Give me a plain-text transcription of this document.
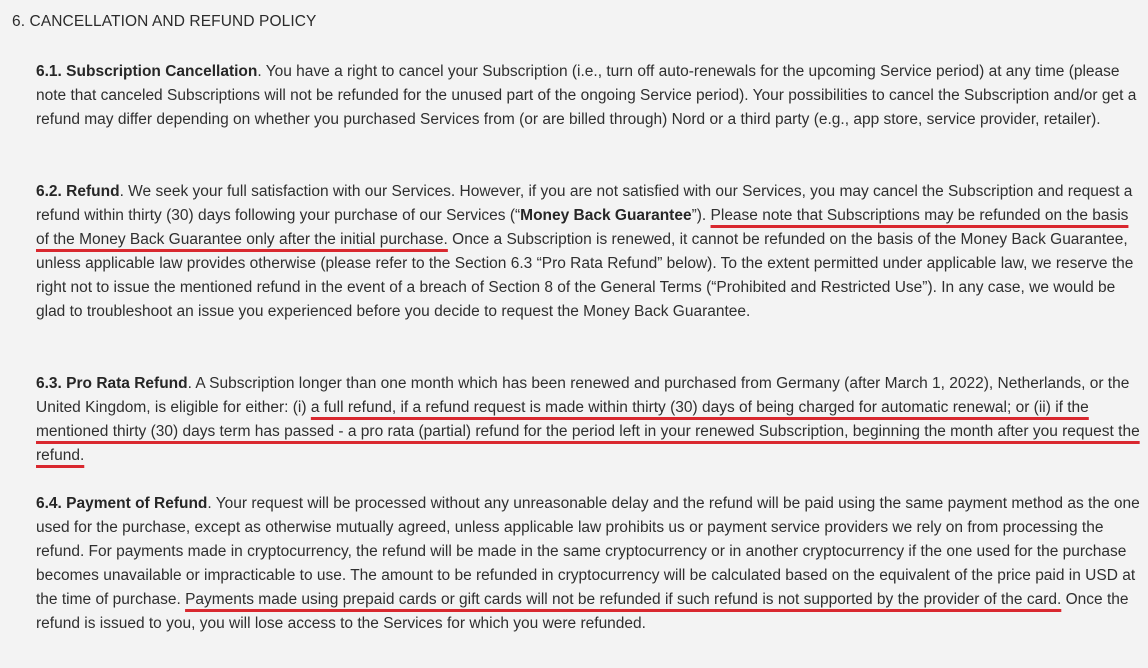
6. CANCELLATION AND REFUND POLICY

6.1. Subscription Cancellation. You have a right to cancel your Subscription (i.e., turn off auto-renewals for the upcoming Service period) at any time (please note that canceled Subscriptions will not be refunded for the unused part of the ongoing Service period). Your possibilities to cancel the Subscription and/or get a refund may differ depending on whether you purchased Services from (or are billed through) Nord or a third party (e.g., app store, service provider, retailer).

6.2. Refund. We seek your full satisfaction with our Services. However, if you are not satisfied with our Services, you may cancel the Subscription and request a refund within thirty (30) days following your purchase of our Services (“Money Back Guarantee”). Please note that Subscriptions may be refunded on the basis of the Money Back Guarantee only after the initial purchase. Once a Subscription is renewed, it cannot be refunded on the basis of the Money Back Guarantee, unless applicable law provides otherwise (please refer to the Section 6.3 “Pro Rata Refund” below). To the extent permitted under applicable law, we reserve the right not to issue the mentioned refund in the event of a breach of Section 8 of the General Terms (“Prohibited and Restricted Use”). In any case, we would be glad to troubleshoot an issue you experienced before you decide to request the Money Back Guarantee.

6.3. Pro Rata Refund. A Subscription longer than one month which has been renewed and purchased from Germany (after March 1, 2022), Netherlands, or the United Kingdom, is eligible for either: (i) a full refund, if a refund request is made within thirty (30) days of being charged for automatic renewal; or (ii) if the mentioned thirty (30) days term has passed - a pro rata (partial) refund for the period left in your renewed Subscription, beginning the month after you request the refund.

6.4. Payment of Refund. Your request will be processed without any unreasonable delay and the refund will be paid using the same payment method as the one used for the purchase, except as otherwise mutually agreed, unless applicable law prohibits us or payment service providers we rely on from processing the refund. For payments made in cryptocurrency, the refund will be made in the same cryptocurrency or in another cryptocurrency if the one used for the purchase becomes unavailable or impracticable to use. The amount to be refunded in cryptocurrency will be calculated based on the equivalent of the price paid in USD at the time of purchase. Payments made using prepaid cards or gift cards will not be refunded if such refund is not supported by the provider of the card. Once the refund is issued to you, you will lose access to the Services for which you were refunded.
